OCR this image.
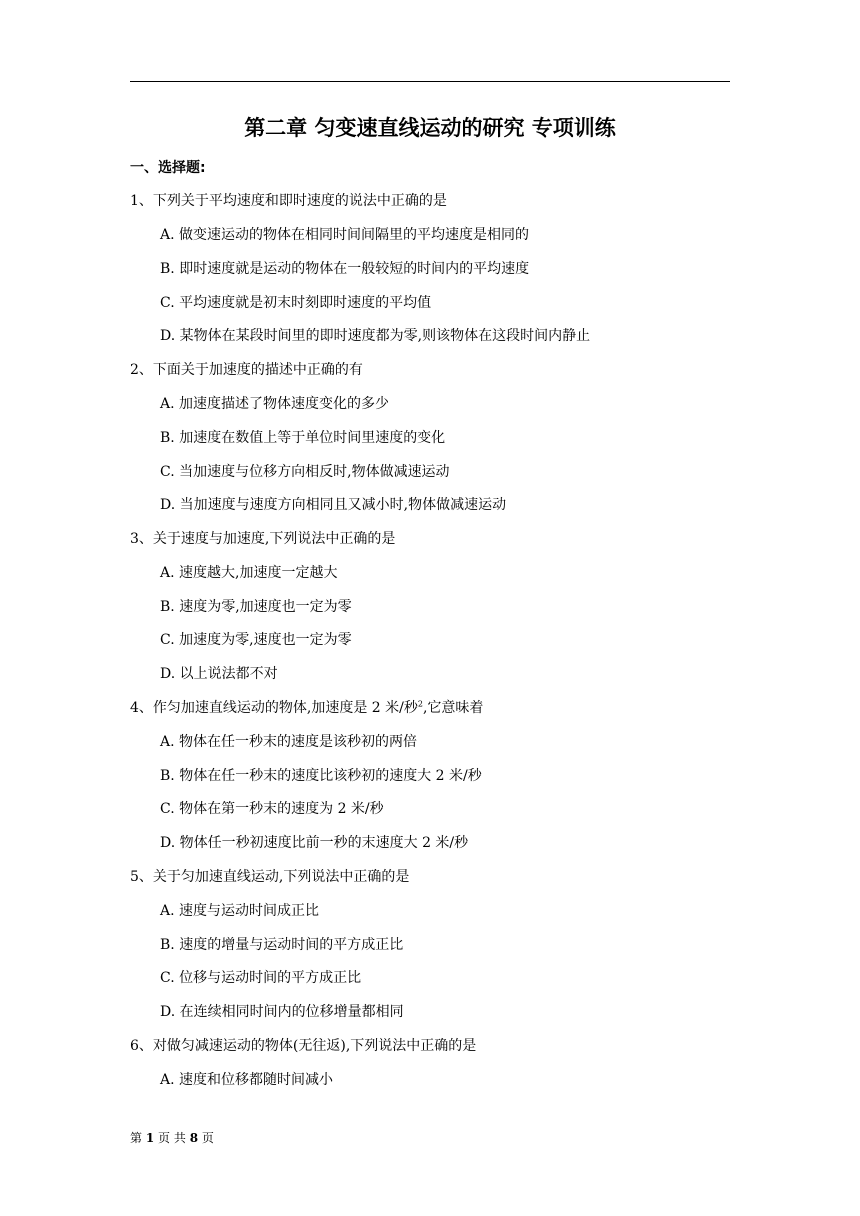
第二章 匀变速直线运动的研究 专项训练
一、选择题:
1、下列关于平均速度和即时速度的说法中正确的是
A. 做变速运动的物体在相同时间间隔里的平均速度是相同的
B. 即时速度就是运动的物体在一般较短的时间内的平均速度
C. 平均速度就是初末时刻即时速度的平均值
D. 某物体在某段时间里的即时速度都为零,则该物体在这段时间内静止
2、下面关于加速度的描述中正确的有
A. 加速度描述了物体速度变化的多少
B. 加速度在数值上等于单位时间里速度的变化
C. 当加速度与位移方向相反时,物体做减速运动
D. 当加速度与速度方向相同且又减小时,物体做减速运动
3、关于速度与加速度,下列说法中正确的是
A. 速度越大,加速度一定越大
B. 速度为零,加速度也一定为零
C. 加速度为零,速度也一定为零
D. 以上说法都不对
4、作匀加速直线运动的物体,加速度是 2 米/秒$^2$,它意味着
A. 物体在任一秒末的速度是该秒初的两倍
B. 物体在任一秒末的速度比该秒初的速度大 2 米/秒
C. 物体在第一秒末的速度为 2 米/秒
D. 物体任一秒初速度比前一秒的末速度大 2 米/秒
5、关于匀加速直线运动,下列说法中正确的是
A. 速度与运动时间成正比
B. 速度的增量与运动时间的平方成正比
C. 位移与运动时间的平方成正比
D. 在连续相同时间内的位移增量都相同
6、对做匀减速运动的物体(无往返),下列说法中正确的是
A. 速度和位移都随时间减小
第 1 页 共 8 页
